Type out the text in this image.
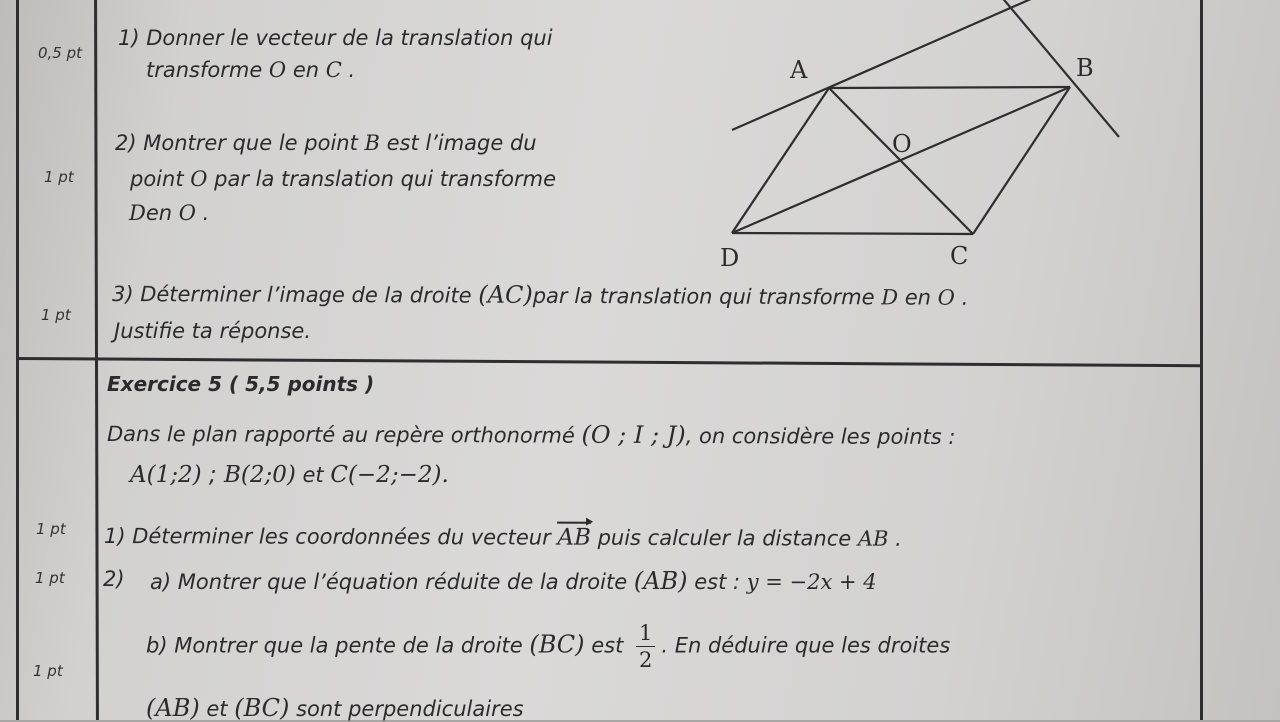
0,5 pt
1 pt
1 pt
1 pt
1 pt
1 pt
1) Donner le vecteur de la translation qui
transforme O en C .
2) Montrer que le point B est l’image du
point O par la translation qui transforme
Den O .
3) Déterminer l’image de la droite (AC)par la translation qui transforme D en O .
Justifie ta réponse.
A	B
O
D	C
Exercice 5 ( 5,5 points )
Dans le plan rapporté au repère orthonormé (O ; I ; J), on considère les points :
A(1;2) ; B(2;0) et C(−2;−2).
1) Déterminer les coordonnées du vecteur AB puis calculer la distance AB .
2) a) Montrer que l’équation réduite de la droite (AB) est : y = −2x + 4
b) Montrer que la pente de la droite (BC) est $\frac{1}{2}$ . En déduire que les droites
(AB) et (BC) sont perpendiculaires
